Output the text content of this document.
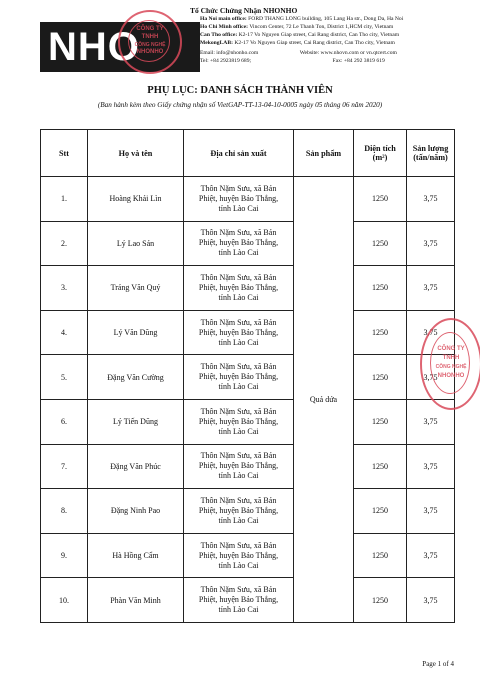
NHO
Tổ Chức Chứng Nhận NHONHO
Ha Noi main office: FORD THANG LONG building, 105 Lang Ha str., Dong Da, Ha Noi
Ho Chi Minh office: Vincom Center, 72 Le Thanh Ton, District 1,HCM city, Vietnam
Can Tho office: K2-17 Vo Nguyen Giap street, Cai Rang district, Can Tho city, Vietnam
MekongLAB: K2-17 Vo Nguyen Giap street, Cai Rang district, Can Tho city, Vietnam
Email: info@nhonho.com	Website: www.nhovn.com or vn.qtcert.com
Tel: +84 2923819 689;	Fax: +84 292 3819 619
CÔNG TY
TNHH
CÔNG NGHỆ
NHONHO
PHỤ LỤC: DANH SÁCH THÀNH VIÊN
(Ban hành kèm theo Giấy chứng nhận số VietGAP-TT-13-04-10-0005 ngày 05 tháng 06 năm 2020)
Stt	Họ và tên	Địa chỉ sản xuất	Sản phẩm	Diện tích (m²)	Sản lượng (tấn/năm)
1.	Hoàng Khải Lìn	Thôn Nặm Sưu, xã Bản
Phiệt, huyện Bảo Thắng,
tỉnh Lào Cai	Quả dứa	1250	3,75
2.	Lý Lao Sán	Thôn Nặm Sưu, xã Bản
Phiệt, huyện Bảo Thắng,
tỉnh Lào Cai		1250	3,75
3.	Tráng Văn Quý	Thôn Nặm Sưu, xã Bản
Phiệt, huyện Bảo Thắng,
tỉnh Lào Cai		1250	3,75
4.	Lý Văn Dũng	Thôn Nặm Sưu, xã Bản
Phiệt, huyện Bảo Thắng,
tỉnh Lào Cai		1250	3,75
5.	Đặng Văn Cường	Thôn Nặm Sưu, xã Bản
Phiệt, huyện Bảo Thắng,
tỉnh Lào Cai		1250	3,75
6.	Lý Tiến Dũng	Thôn Nặm Sưu, xã Bản
Phiệt, huyện Bảo Thắng,
tỉnh Lào Cai		1250	3,75
7.	Đặng Văn Phúc	Thôn Nặm Sưu, xã Bản
Phiệt, huyện Bảo Thắng,
tỉnh Lào Cai		1250	3,75
8.	Đặng Ninh Pao	Thôn Nặm Sưu, xã Bản
Phiệt, huyện Bảo Thắng,
tỉnh Lào Cai		1250	3,75
9.	Hà Hồng Cẩm	Thôn Nặm Sưu, xã Bản
Phiệt, huyện Bảo Thắng,
tỉnh Lào Cai		1250	3,75
10.	Phàn Văn Minh	Thôn Nặm Sưu, xã Bản
Phiệt, huyện Bảo Thắng,
tỉnh Lào Cai		1250	3,75
CÔNG TY
TNHH
CÔNG NGHỆ
NHONHO
Page 1 of 4
